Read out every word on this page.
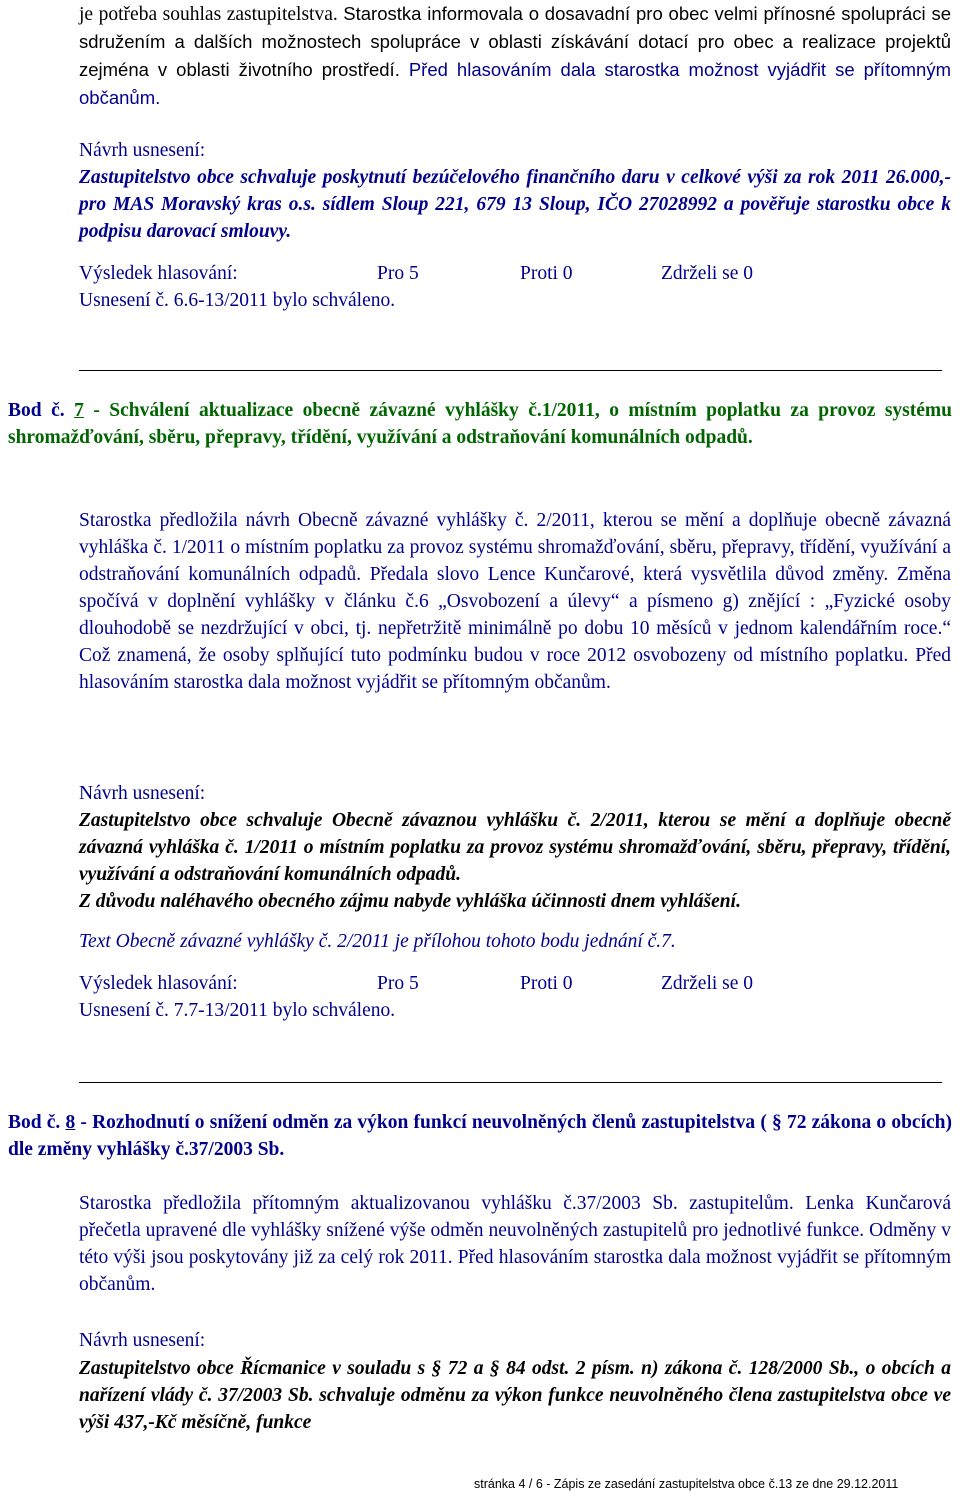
je potřeba souhlas zastupitelstva. Starostka informovala o dosavadní pro obec velmi přínosné spolupráci se sdružením a dalších možnostech spolupráce v oblasti získávání dotací pro obec a realizace projektů zejména v oblasti životního prostředí. Před hlasováním dala starostka možnost vyjádřit se přítomným občanům.

Návrh usnesení:

Zastupitelstvo obce schvaluje poskytnutí bezúčelového finančního daru v celkové výši za rok 2011 26.000,- pro MAS Moravský kras o.s. sídlem Sloup 221, 679 13 Sloup, IČO 27028992 a pověřuje starostku obce k podpisu darovací smlouvy.

Výsledek hlasování:	Pro 5	Proti 0	Zdrželi se 0
Usnesení č. 6.6-13/2011 bylo schváleno.

Bod č. 7 - Schválení aktualizace obecně závazné vyhlášky č.1/2011, o místním poplatku za provoz systému shromažďování, sběru, přepravy, třídění, využívání a odstraňování komunálních odpadů.

Starostka předložila návrh Obecně závazné vyhlášky č. 2/2011, kterou se mění a doplňuje obecně závazná vyhláška č. 1/2011 o místním poplatku za provoz systému shromažďování, sběru, přepravy, třídění, využívání a odstraňování komunálních odpadů. Předala slovo Lence Kunčarové, která vysvětlila důvod změny. Změna spočívá v doplnění vyhlášky v článku č.6 „Osvobození a úlevy“ a písmeno g) znějící : „Fyzické osoby dlouhodobě se nezdržující v obci, tj. nepřetržitě minimálně po dobu 10 měsíců v jednom kalendářním roce.“ Což znamená, že osoby splňující tuto podmínku budou v roce 2012 osvobozeny od místního poplatku. Před hlasováním starostka dala možnost vyjádřit se přítomným občanům.

Návrh usnesení:

Zastupitelstvo obce schvaluje Obecně závaznou vyhlášku č. 2/2011, kterou se mění a doplňuje obecně závazná vyhláška č. 1/2011 o místním poplatku za provoz systému shromažďování, sběru, přepravy, třídění, využívání a odstraňování komunálních odpadů.
Z důvodu naléhavého obecného zájmu nabyde vyhláška účinnosti dnem vyhlášení.

Text Obecně závazné vyhlášky č. 2/2011 je přílohou tohoto bodu jednání č.7.
Výsledek hlasování:	Pro 5	Proti 0	Zdrželi se 0
Usnesení č. 7.7-13/2011 bylo schváleno.

Bod č. 8 - Rozhodnutí o snížení odměn za výkon funkcí neuvolněných členů zastupitelstva ( § 72 zákona o obcích) dle změny vyhlášky č.37/2003 Sb.

Starostka předložila přítomným aktualizovanou vyhlášku č.37/2003 Sb. zastupitelům. Lenka Kunčarová přečetla upravené dle vyhlášky snížené výše odměn neuvolněných zastupitelů pro jednotlivé funkce. Odměny v této výši jsou poskytovány již za celý rok 2011. Před hlasováním starostka dala možnost vyjádřit se přítomným občanům.

Návrh usnesení:

Zastupitelstvo obce Řícmanice v souladu s § 72 a § 84 odst. 2 písm. n) zákona č. 128/2000 Sb., o obcích a nařízení vlády č. 37/2003 Sb. schvaluje odměnu za výkon funkce neuvolněného člena zastupitelstva obce ve výši 437,-Kč měsíčně, funkce

stránka 4 / 6 - Zápis ze zasedání zastupitelstva obce č.13 ze dne 29.12.2011
